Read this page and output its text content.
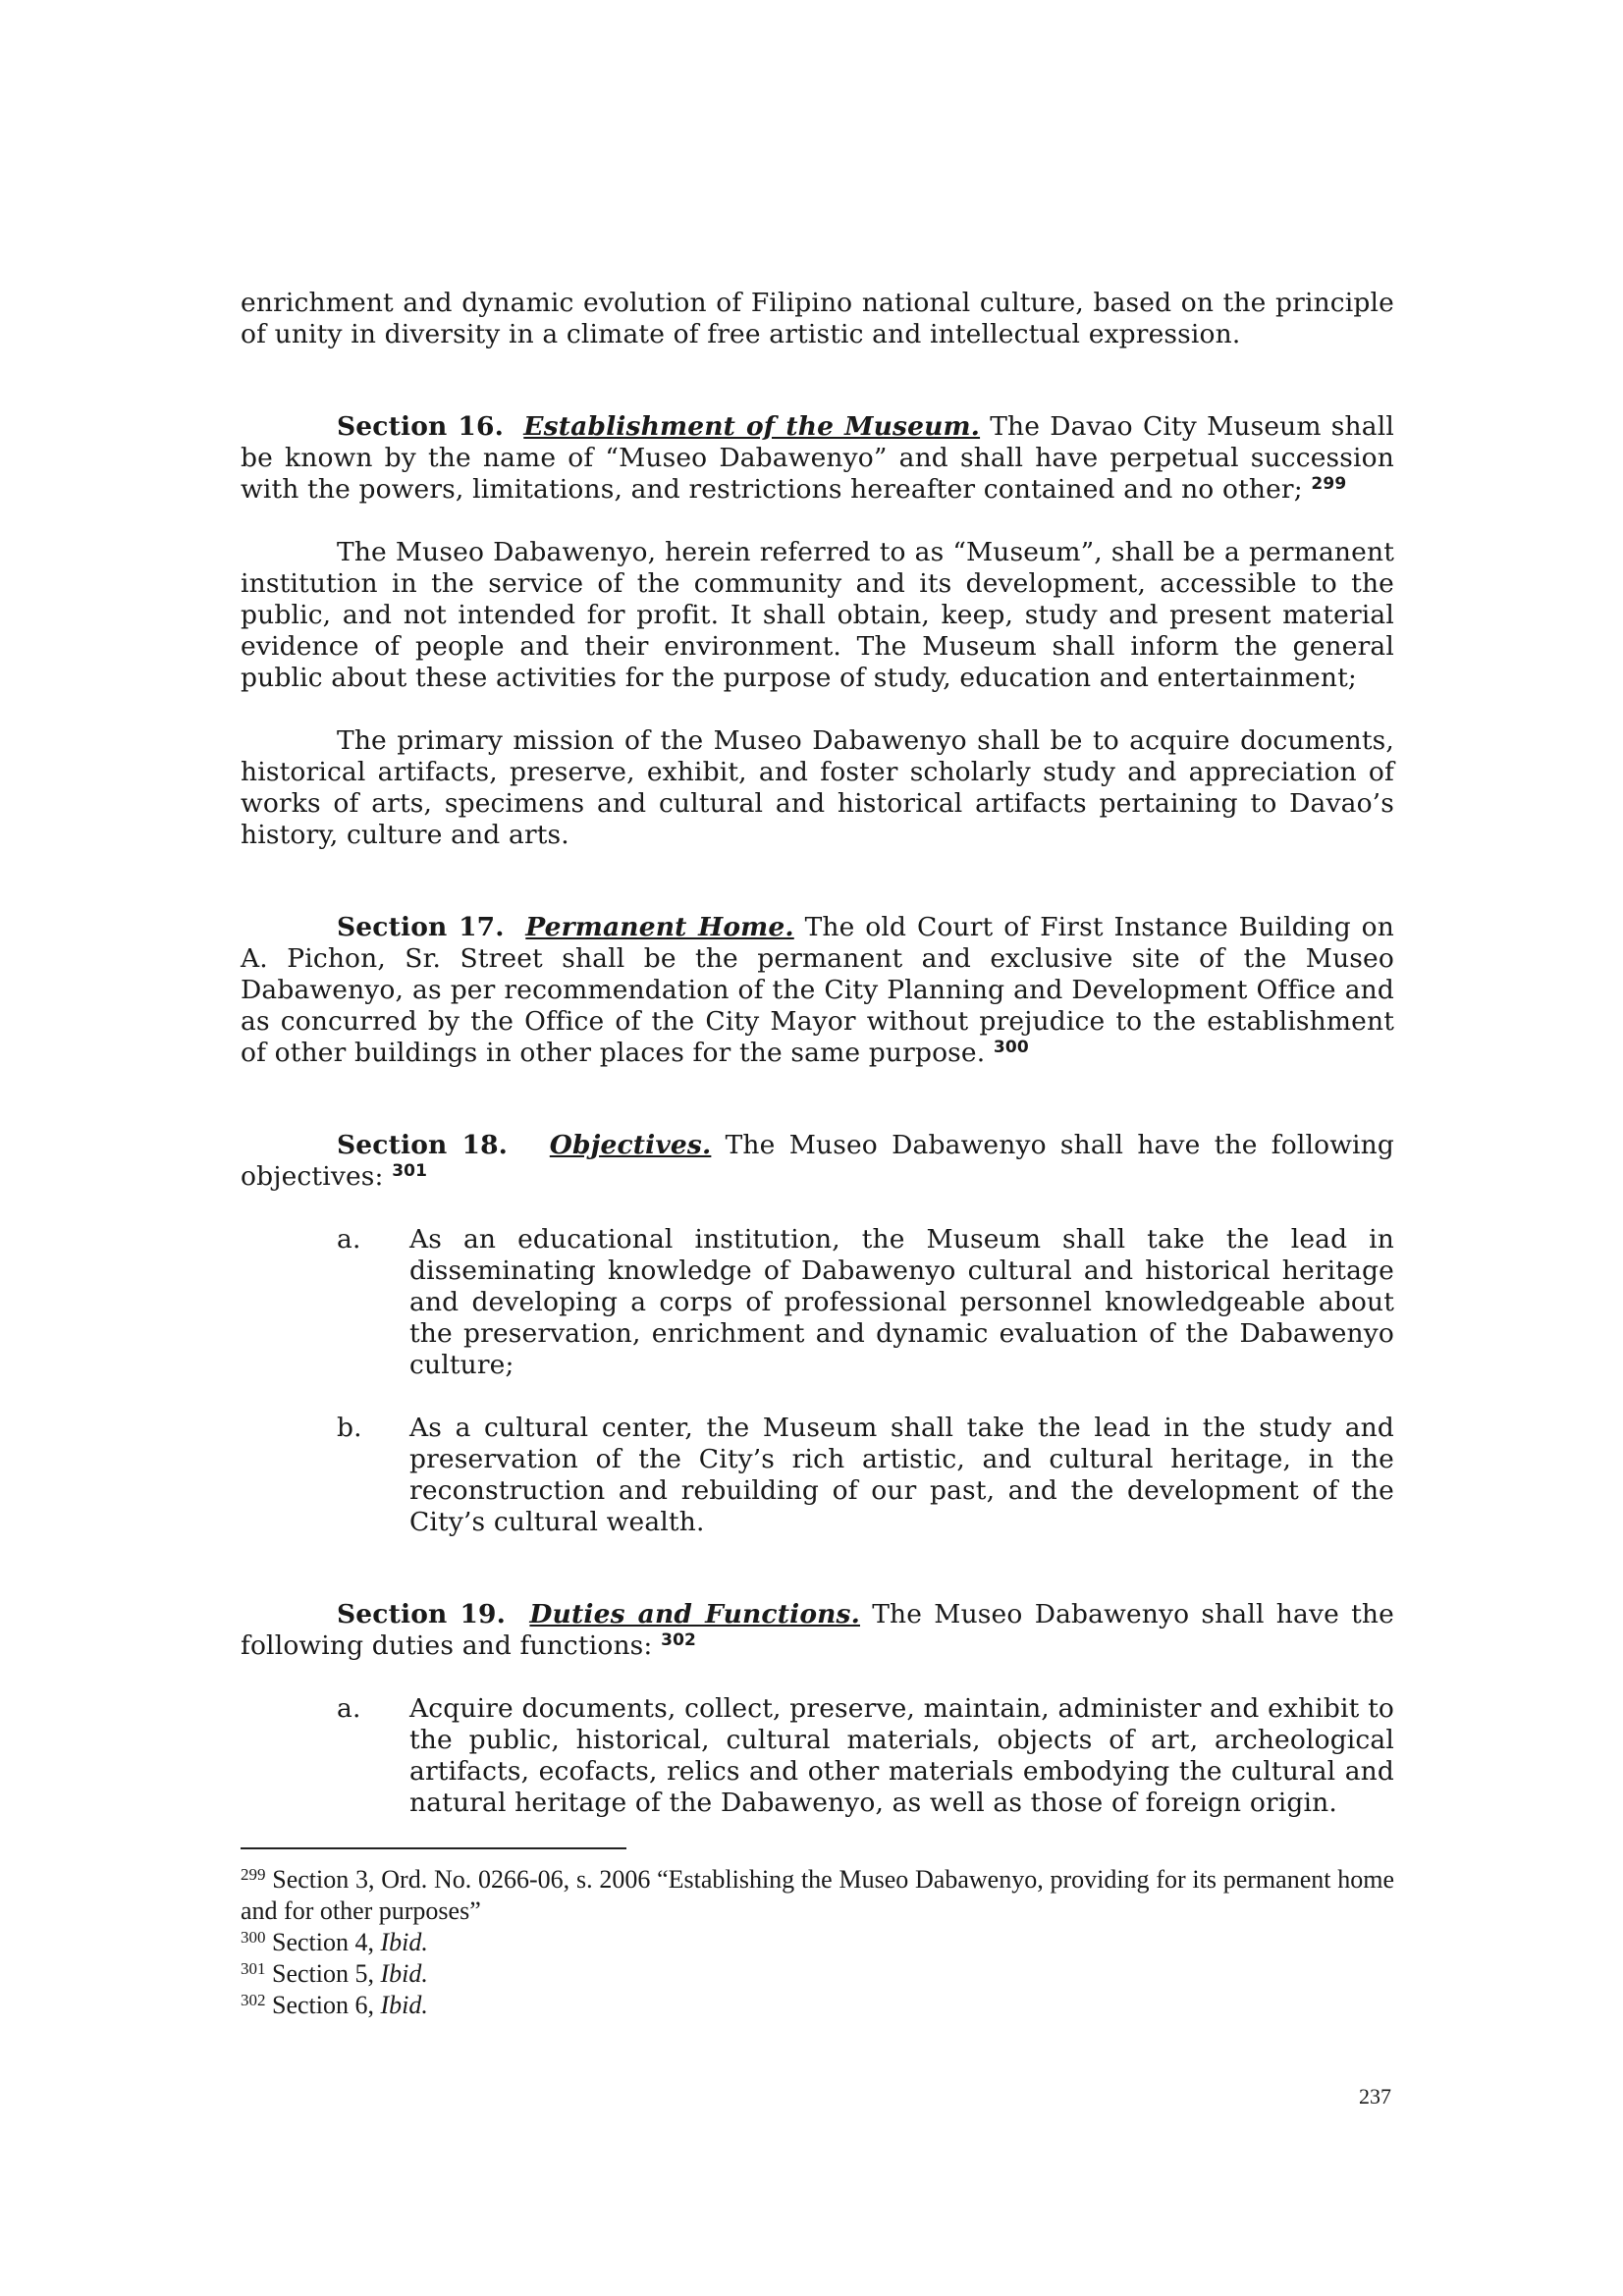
enrichment and dynamic evolution of Filipino national culture, based on the principle of unity in diversity in a climate of free artistic and intellectual expression.

Section 16. Establishment of the Museum. The Davao City Museum shall be known by the name of “Museo Dabawenyo” and shall have perpetual succession with the powers, limitations, and restrictions hereafter contained and no other; $^{299}$

The Museo Dabawenyo, herein referred to as “Museum”, shall be a permanent institution in the service of the community and its development, accessible to the public, and not intended for profit. It shall obtain, keep, study and present material evidence of people and their environment. The Museum shall inform the general public about these activities for the purpose of study, education and entertainment;

The primary mission of the Museo Dabawenyo shall be to acquire documents, historical artifacts, preserve, exhibit, and foster scholarly study and appreciation of works of arts, specimens and cultural and historical artifacts pertaining to Davao’s history, culture and arts.

Section 17. Permanent Home. The old Court of First Instance Building on A. Pichon, Sr. Street shall be the permanent and exclusive site of the Museo Dabawenyo, as per recommendation of the City Planning and Development Office and as concurred by the Office of the City Mayor without prejudice to the establishment of other buildings in other places for the same purpose. $^{300}$

Section 18. Objectives. The Museo Dabawenyo shall have the following objectives: $^{301}$

a. As an educational institution, the Museum shall take the lead in disseminating knowledge of Dabawenyo cultural and historical heritage and developing a corps of professional personnel knowledgeable about the preservation, enrichment and dynamic evaluation of the Dabawenyo culture;
b. As a cultural center, the Museum shall take the lead in the study and preservation of the City’s rich artistic, and cultural heritage, in the reconstruction and rebuilding of our past, and the development of the City’s cultural wealth.

Section 19. Duties and Functions. The Museo Dabawenyo shall have the following duties and functions: $^{302}$

a. Acquire documents, collect, preserve, maintain, administer and exhibit to the public, historical, cultural materials, objects of art, archeological artifacts, ecofacts, relics and other materials embodying the cultural and natural heritage of the Dabawenyo, as well as those of foreign origin.

$^{299}$ Section 3, Ord. No. 0266-06, s. 2006 “Establishing the Museo Dabawenyo, providing for its permanent home and for other purposes”

$^{300}$ Section 4, Ibid.

$^{301}$ Section 5, Ibid.

$^{302}$ Section 6, Ibid.

237
